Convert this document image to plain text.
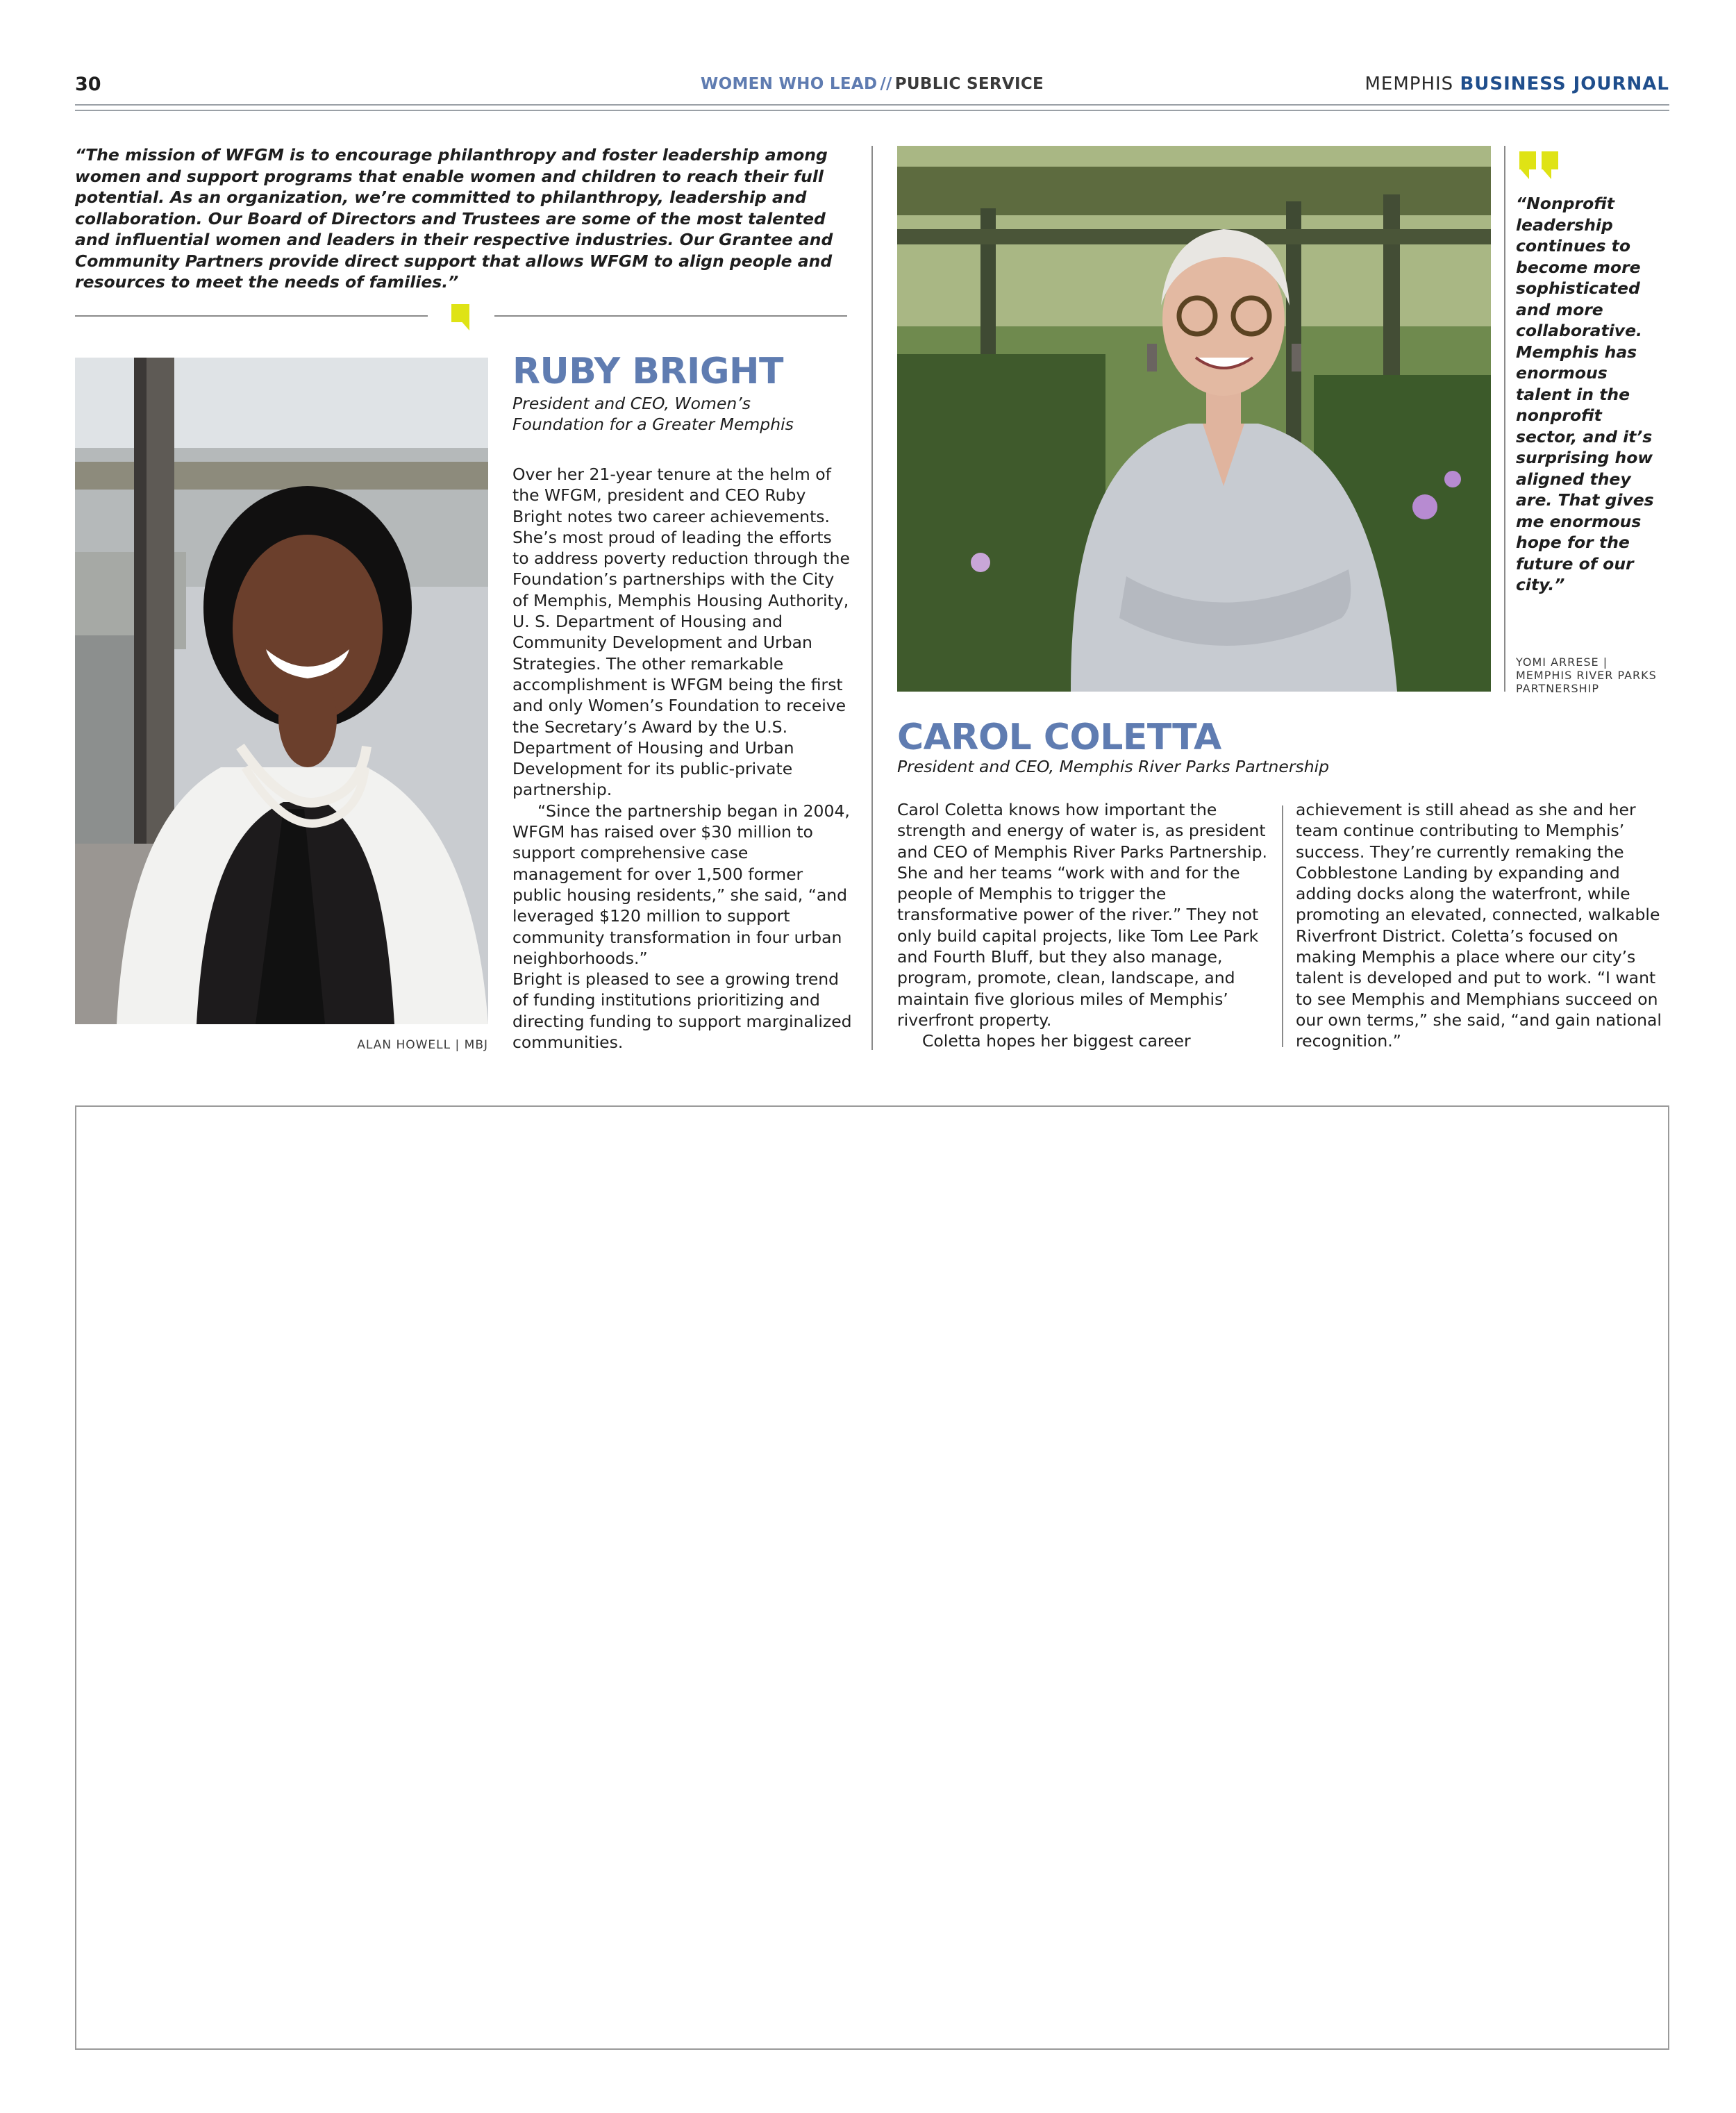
30	WOMEN WHO LEAD // PUBLIC SERVICE	MEMPHIS BUSINESS JOURNAL

“The mission of WFGM is to encourage philanthropy and foster leadership among women and support programs that enable women and children to reach their full potential. As an organization, we’re committed to philanthropy, leadership and collaboration. Our Board of Directors and Trustees are some of the most talented and influential women and leaders in their respective industries. Our Grantee and Community Partners provide direct support that allows WFGM to align people and resources to meet the needs of families.”

ALAN HOWELL | MBJ
RUBY BRIGHT

President and CEO, Women’s Foundation for a Greater Memphis

Over her 21-year tenure at the helm of the WFGM, president and CEO Ruby Bright notes two career achievements. She’s most proud of leading the efforts to address poverty reduction through the Foundation’s partnerships with the City of Memphis, Memphis Housing Authority, U. S. Department of Housing and Community Development and Urban Strategies. The other remarkable accomplishment is WFGM being the first and only Women’s Foundation to receive the Secretary’s Award by the U.S. Department of Housing and Urban Development for its public-private partnership.

“Since the partnership began in 2004, WFGM has raised over $30 million to support comprehensive case management for over 1,500 former public housing residents,” she said, “and leveraged $120 million to support community transformation in four urban neighborhoods.”

Bright is pleased to see a growing trend of funding institutions prioritizing and directing funding to support marginalized communities.

“Nonprofit leadership continues to become more sophisticated and more collaborative. Memphis has enormous talent in the nonprofit sector, and it’s surprising how aligned they are. That gives me enormous hope for the future of our city.”

YOMI ARRESE | MEMPHIS RIVER PARKS PARTNERSHIP
CAROL COLETTA

President and CEO, Memphis River Parks Partnership

Carol Coletta knows how important the strength and energy of water is, as president and CEO of Memphis River Parks Partnership. She and her teams “work with and for the people of Memphis to trigger the transformative power of the river.” They not only build capital projects, like Tom Lee Park and Fourth Bluff, but they also manage, program, promote, clean, landscape, and maintain five glorious miles of Memphis’ riverfront property.

Coletta hopes her biggest career

achievement is still ahead as she and her team continue contributing to Memphis’ success. They’re currently remaking the Cobblestone Landing by expanding and adding docks along the waterfront, while promoting an elevated, connected, walkable Riverfront District. Coletta’s focused on making Memphis a place where our city’s talent is developed and put to work. “I want to see Memphis and Memphians succeed on our own terms,” she said, “and gain national recognition.”
